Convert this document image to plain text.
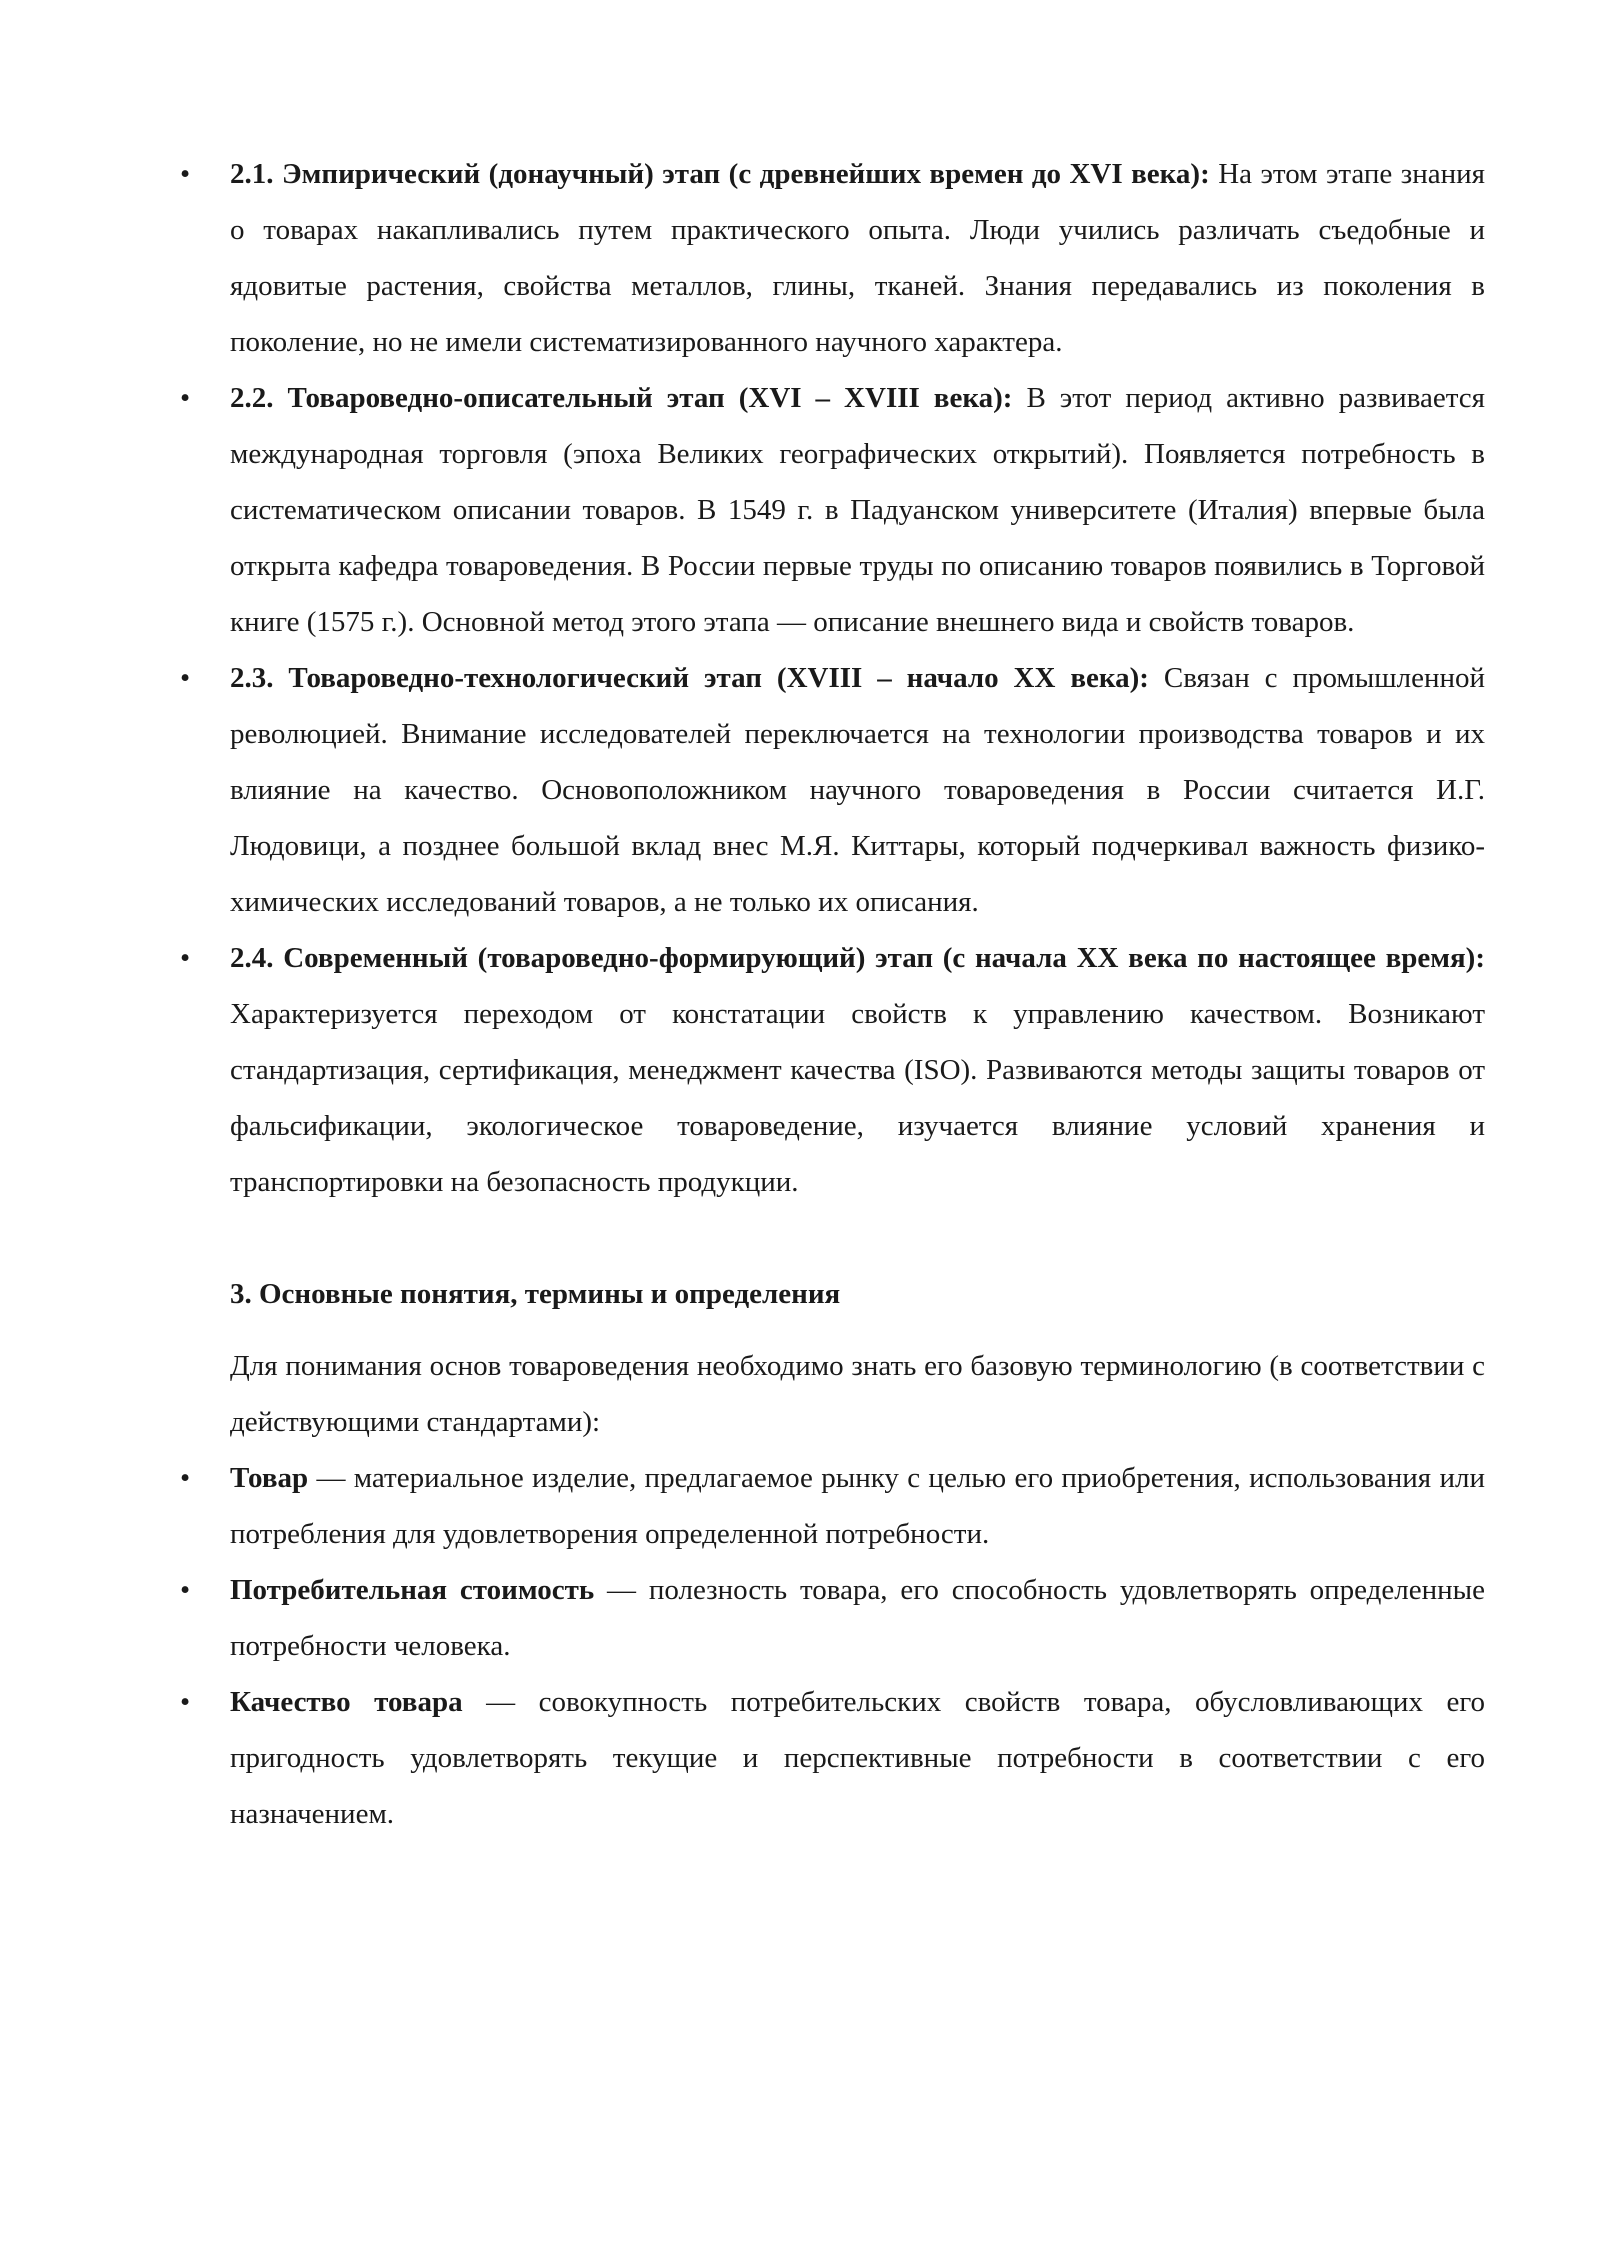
• 2.1. Эмпирический (донаучный) этап (с древнейших времен до XVI века): На этом этапе знания о товарах накапливались путем практического опыта. Люди учились различать съедобные и ядовитые растения, свойства металлов, глины, тканей. Знания передавались из поколения в поколение, но не имели систематизированного научного характера.
• 2.2. Товароведно-описательный этап (XVI – XVIII века): В этот период активно развивается международная торговля (эпоха Великих географических открытий). Появляется потребность в систематическом описании товаров. В 1549 г. в Падуанском университете (Италия) впервые была открыта кафедра товароведения. В России первые труды по описанию товаров появились в Торговой книге (1575 г.). Основной метод этого этапа — описание внешнего вида и свойств товаров.
• 2.3. Товароведно-технологический этап (XVIII – начало XX века): Связан с промышленной революцией. Внимание исследователей переключается на технологии производства товаров и их влияние на качество. Основоположником научного товароведения в России считается И.Г. Людовици, а позднее большой вклад внес М.Я. Киттары, который подчеркивал важность физико-химических исследований товаров, а не только их описания.
• 2.4. Современный (товароведно-формирующий) этап (с начала XX века по настоящее время): Характеризуется переходом от констатации свойств к управлению качеством. Возникают стандартизация, сертификация, менеджмент качества (ISO). Развиваются методы защиты товаров от фальсификации, экологическое товароведение, изучается влияние условий хранения и транспортировки на безопасность продукции.
3. Основные понятия, термины и определения

Для понимания основ товароведения необходимо знать его базовую терминологию (в соответствии с действующими стандартами):

• Товар — материальное изделие, предлагаемое рынку с целью его приобретения, использования или потребления для удовлетворения определенной потребности.
• Потребительная стоимость — полезность товара, его способность удовлетворять определенные потребности человека.
• Качество товара — совокупность потребительских свойств товара, обусловливающих его пригодность удовлетворять текущие и перспективные потребности в соответствии с его назначением.
